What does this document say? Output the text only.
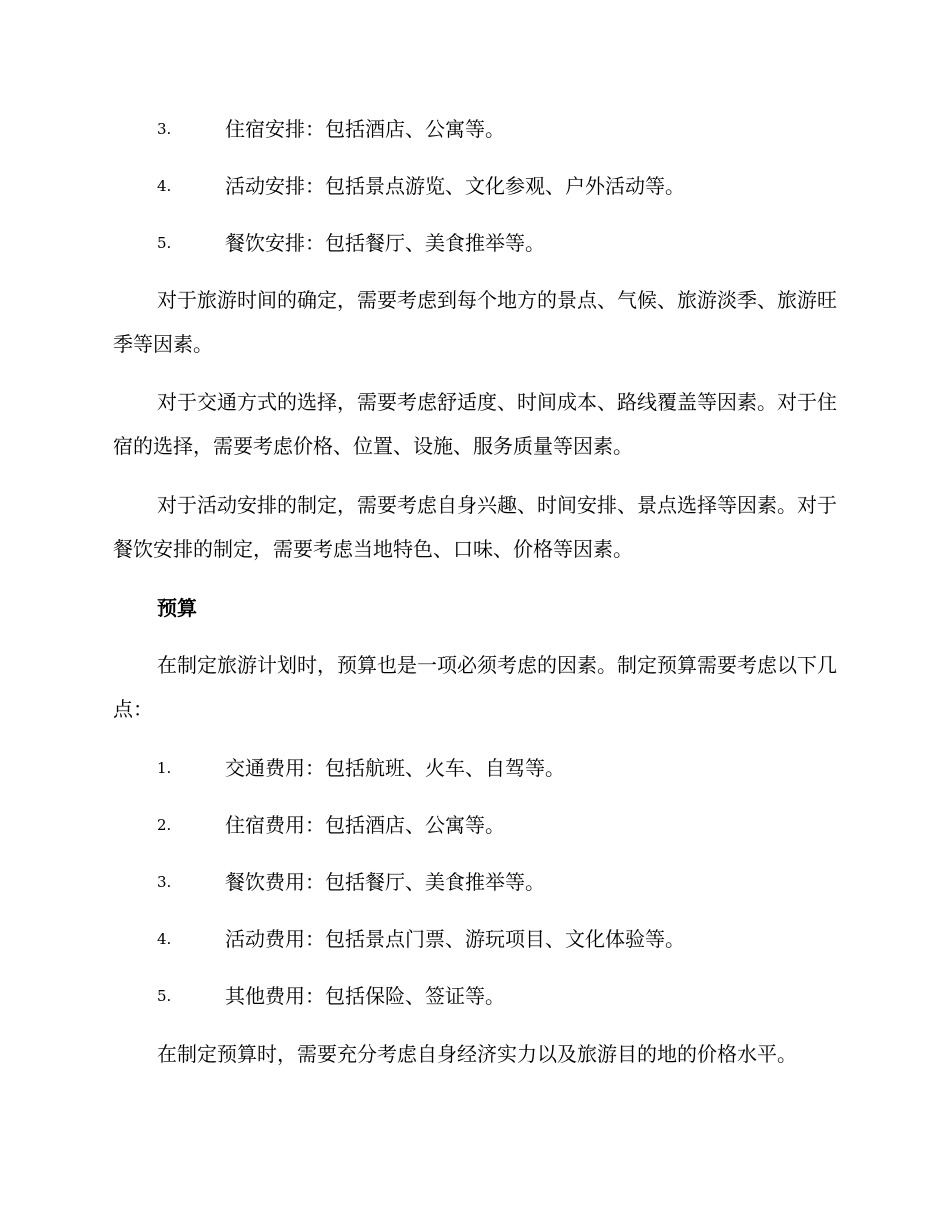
3.	住宿安排：包括酒店、公寓等。
4.	活动安排：包括景点游览、文化参观、户外活动等。
5.	餐饮安排：包括餐厅、美食推举等。

对于旅游时间的确定，需要考虑到每个地方的景点、气候、旅游淡季、旅游旺季等因素。

对于交通方式的选择，需要考虑舒适度、时间成本、路线覆盖等因素。对于住宿的选择，需要考虑价格、位置、设施、服务质量等因素。

对于活动安排的制定，需要考虑自身兴趣、时间安排、景点选择等因素。对于餐饮安排的制定，需要考虑当地特色、口味、价格等因素。

预算

在制定旅游计划时，预算也是一项必须考虑的因素。制定预算需要考虑以下几点：

1.	交通费用：包括航班、火车、自驾等。
2.	住宿费用：包括酒店、公寓等。
3.	餐饮费用：包括餐厅、美食推举等。
4.	活动费用：包括景点门票、游玩项目、文化体验等。
5.	其他费用：包括保险、签证等。

在制定预算时，需要充分考虑自身经济实力以及旅游目的地的价格水平。
